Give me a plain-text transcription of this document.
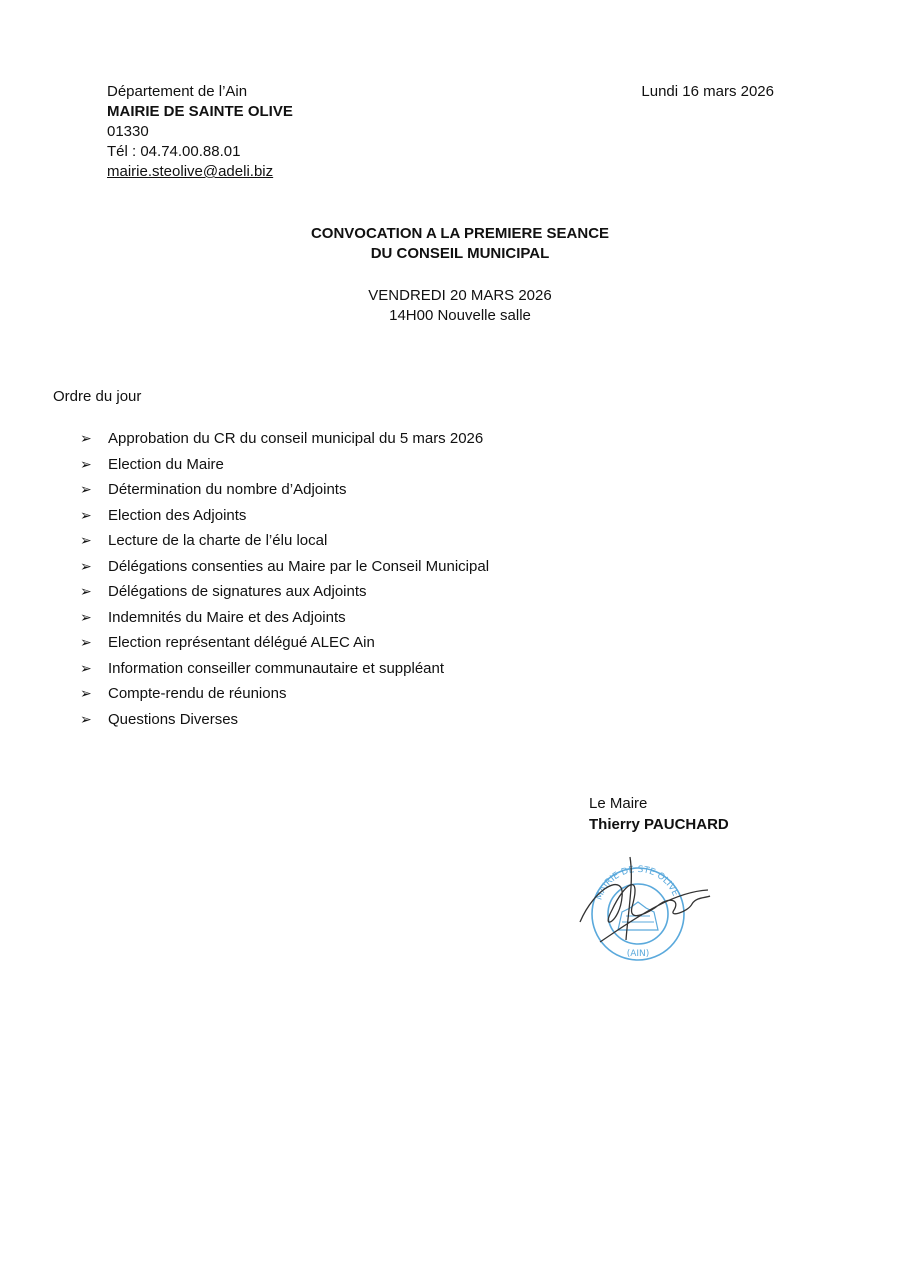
Département de l’Ain
MAIRIE DE SAINTE OLIVE
01330
Tél : 04.74.00.88.01
mairie.steolive@adeli.biz
Lundi 16 mars 2026
CONVOCATION A LA PREMIERE SEANCE
DU CONSEIL MUNICIPAL
VENDREDI 20 MARS 2026
14H00 Nouvelle salle
Ordre du jour
➢	Approbation du CR du conseil municipal du 5 mars 2026
➢	Election du Maire
➢	Détermination du nombre d’Adjoints
➢	Election des Adjoints
➢	Lecture de la charte de l’élu local
➢	Délégations consenties au Maire par le Conseil Municipal
➢	Délégations de signatures aux Adjoints
➢	Indemnités du Maire et des Adjoints
➢	Election représentant délégué ALEC Ain
➢	Information conseiller communautaire et suppléant
➢	Compte-rendu de réunions
➢	Questions Diverses
Le Maire
Thierry PAUCHARD
MAIRIE DE STE OLIVE
(AIN)
